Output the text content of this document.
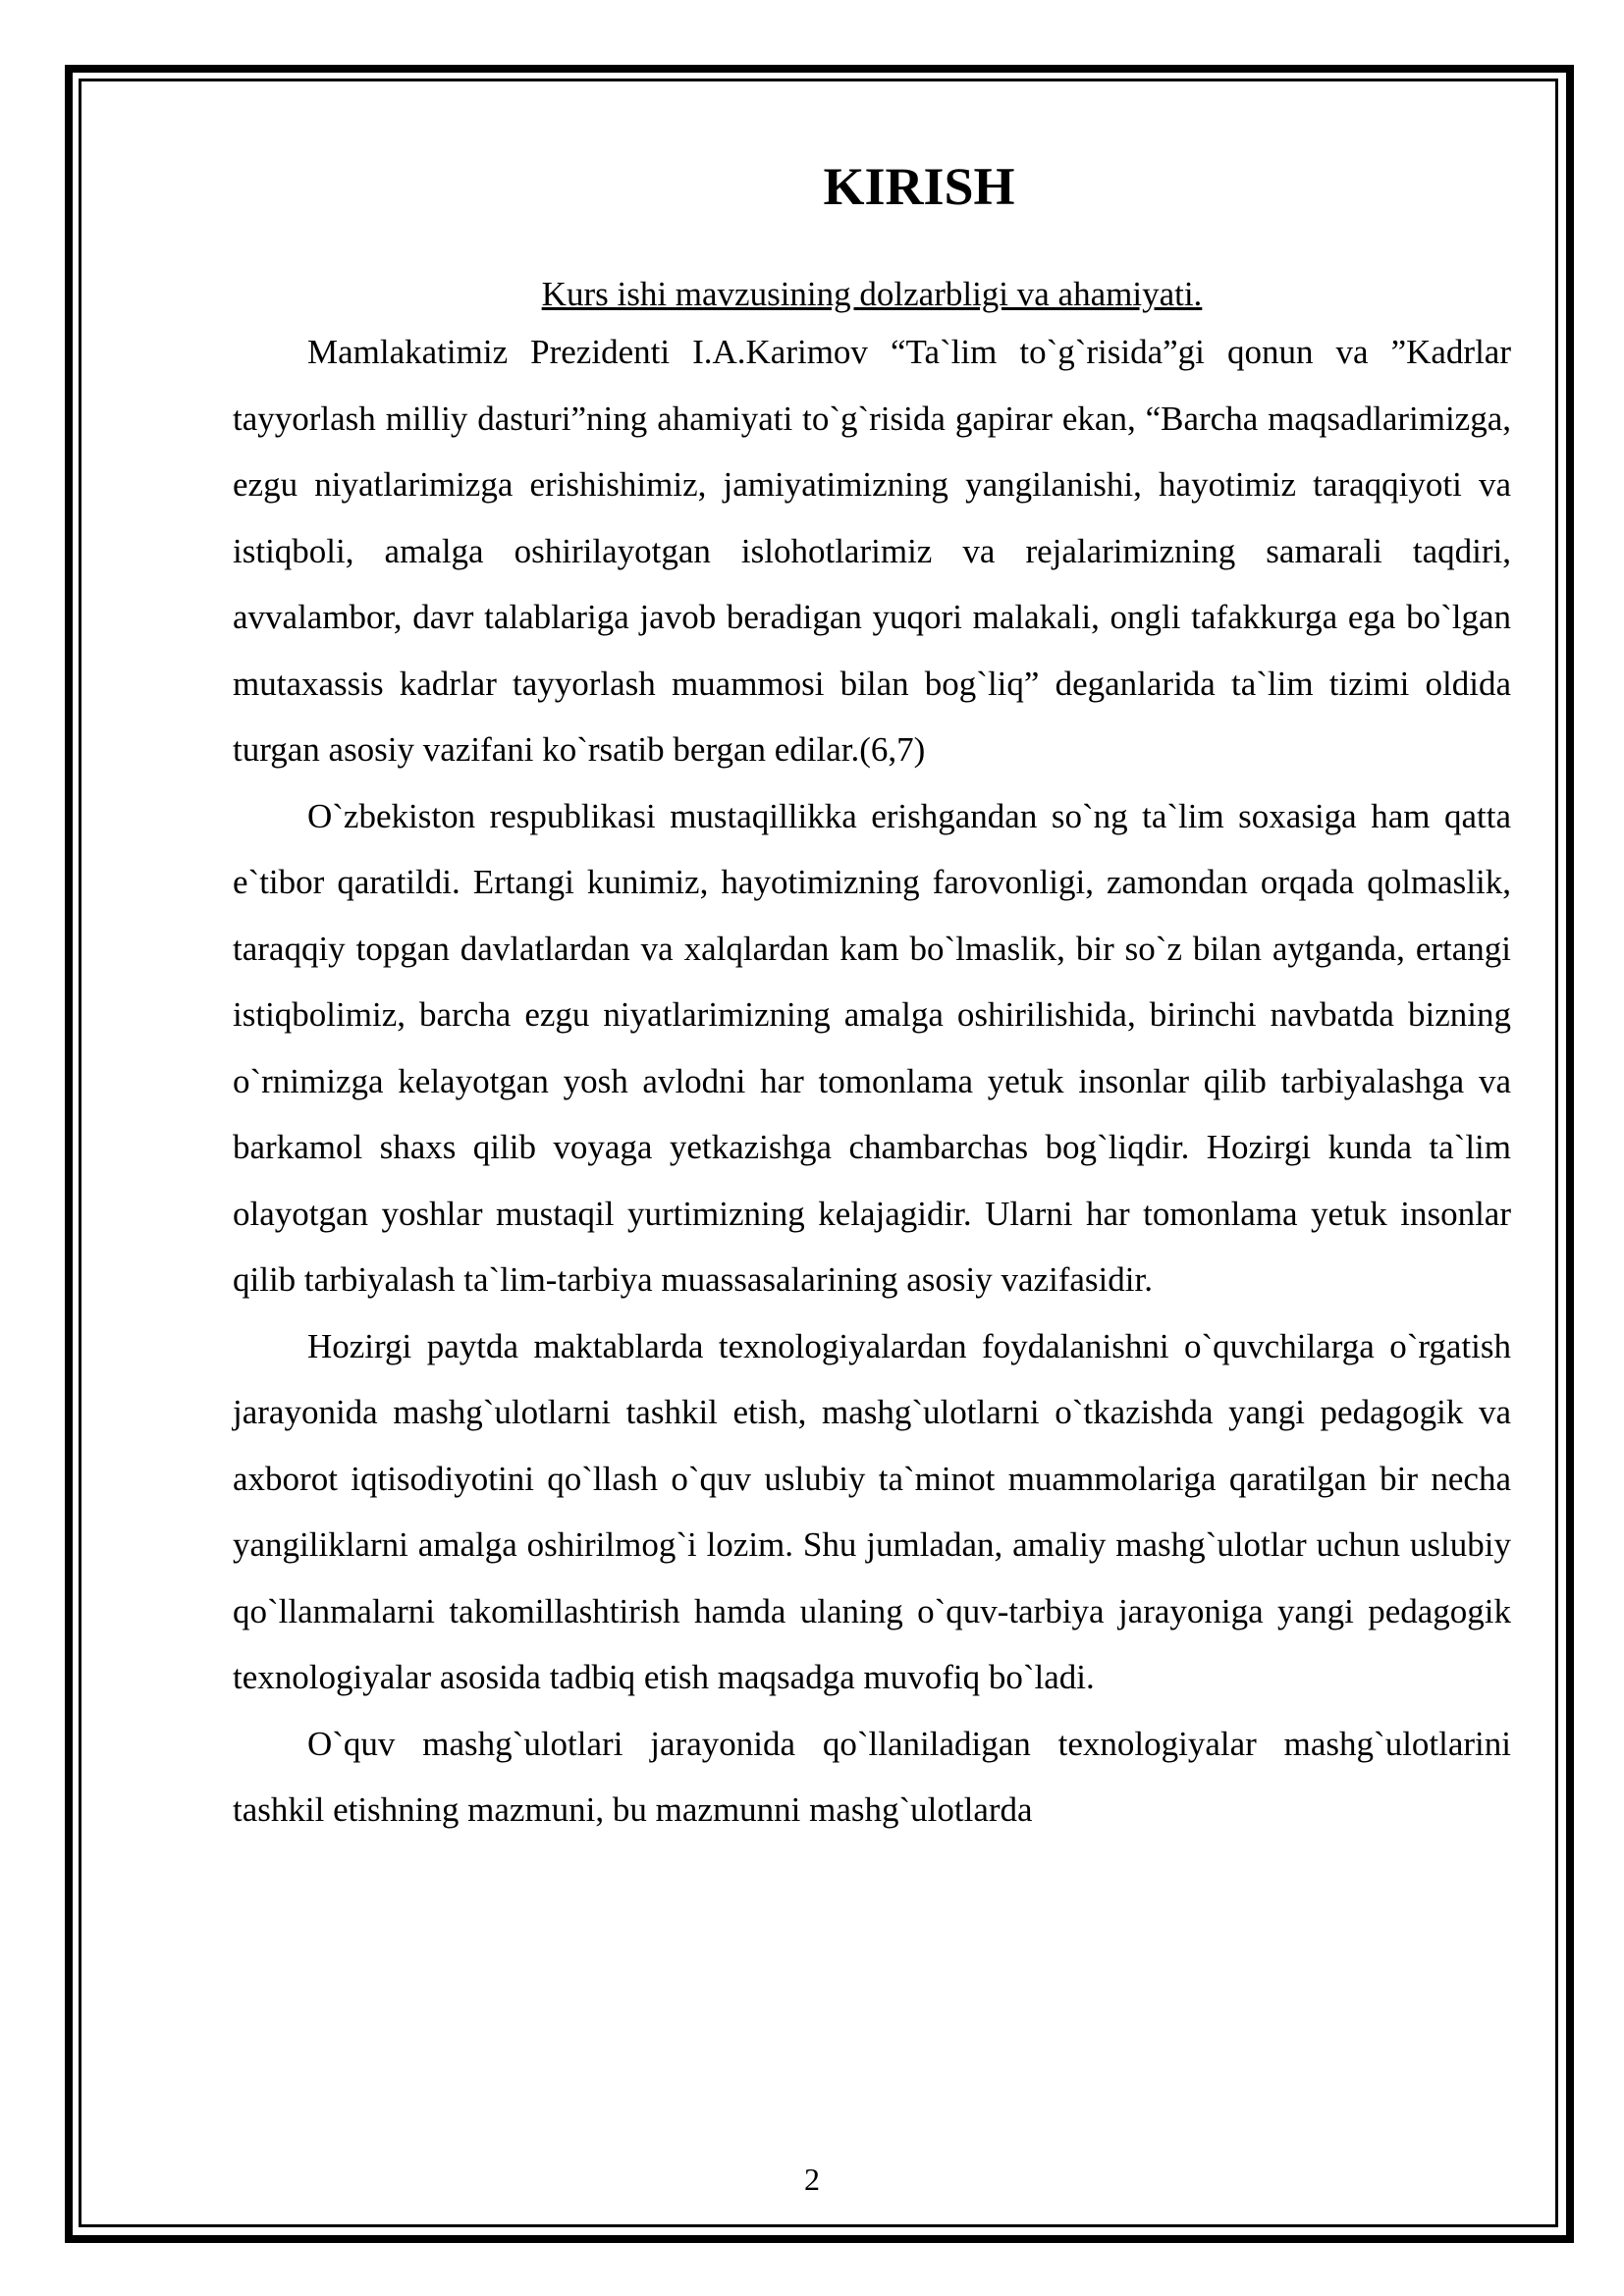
KIRISH

Kurs ishi mavzusining dolzarbligi va ahamiyati.

Mamlakatimiz Prezidenti I.A.Karimov “Ta`lim to`g`risida”gi qonun va ”Kadrlar tayyorlash milliy dasturi”ning ahamiyati to`g`risida gapirar ekan, “Barcha maqsadlarimizga, ezgu niyatlarimizga erishishimiz, jamiyatimizning yangilanishi, hayotimiz taraqqiyoti va istiqboli, amalga oshirilayotgan islohotlarimiz va rejalarimizning samarali taqdiri, avvalambor, davr talablariga javob beradigan yuqori malakali, ongli tafakkurga ega bo`lgan mutaxassis kadrlar tayyorlash muammosi bilan bog`liq” deganlarida ta`lim tizimi oldida turgan asosiy vazifani ko`rsatib bergan edilar.(6,7)

O`zbekiston respublikasi mustaqillikka erishgandan so`ng ta`lim soxasiga ham qatta e`tibor qaratildi. Ertangi kunimiz, hayotimizning farovonligi, zamondan orqada qolmaslik, taraqqiy topgan davlatlardan va xalqlardan kam bo`lmaslik, bir so`z bilan aytganda, ertangi istiqbolimiz, barcha ezgu niyatlarimizning amalga oshirilishida, birinchi navbatda bizning o`rnimizga kelayotgan yosh avlodni har tomonlama yetuk insonlar qilib tarbiyalashga va barkamol shaxs qilib voyaga yetkazishga chambarchas bog`liqdir. Hozirgi kunda ta`lim olayotgan yoshlar mustaqil yurtimizning kelajagidir. Ularni har tomonlama yetuk insonlar qilib tarbiyalash ta`lim-tarbiya muassasalarining asosiy vazifasidir.

Hozirgi paytda maktablarda texnologiyalardan foydalanishni o`quvchilarga o`rgatish jarayonida mashg`ulotlarni tashkil etish, mashg`ulotlarni o`tkazishda yangi pedagogik va axborot iqtisodiyotini qo`llash o`quv uslubiy ta`minot muammolariga qaratilgan bir necha yangiliklarni amalga oshirilmog`i lozim. Shu jumladan, amaliy mashg`ulotlar uchun uslubiy qo`llanmalarni takomillashtirish hamda ulaning o`quv-tarbiya jarayoniga yangi pedagogik texnologiyalar asosida tadbiq etish maqsadga muvofiq bo`ladi.

O`quv mashg`ulotlari jarayonida qo`llaniladigan texnologiyalar mashg`ulotlarini tashkil etishning mazmuni, bu mazmunni mashg`ulotlarda

2
